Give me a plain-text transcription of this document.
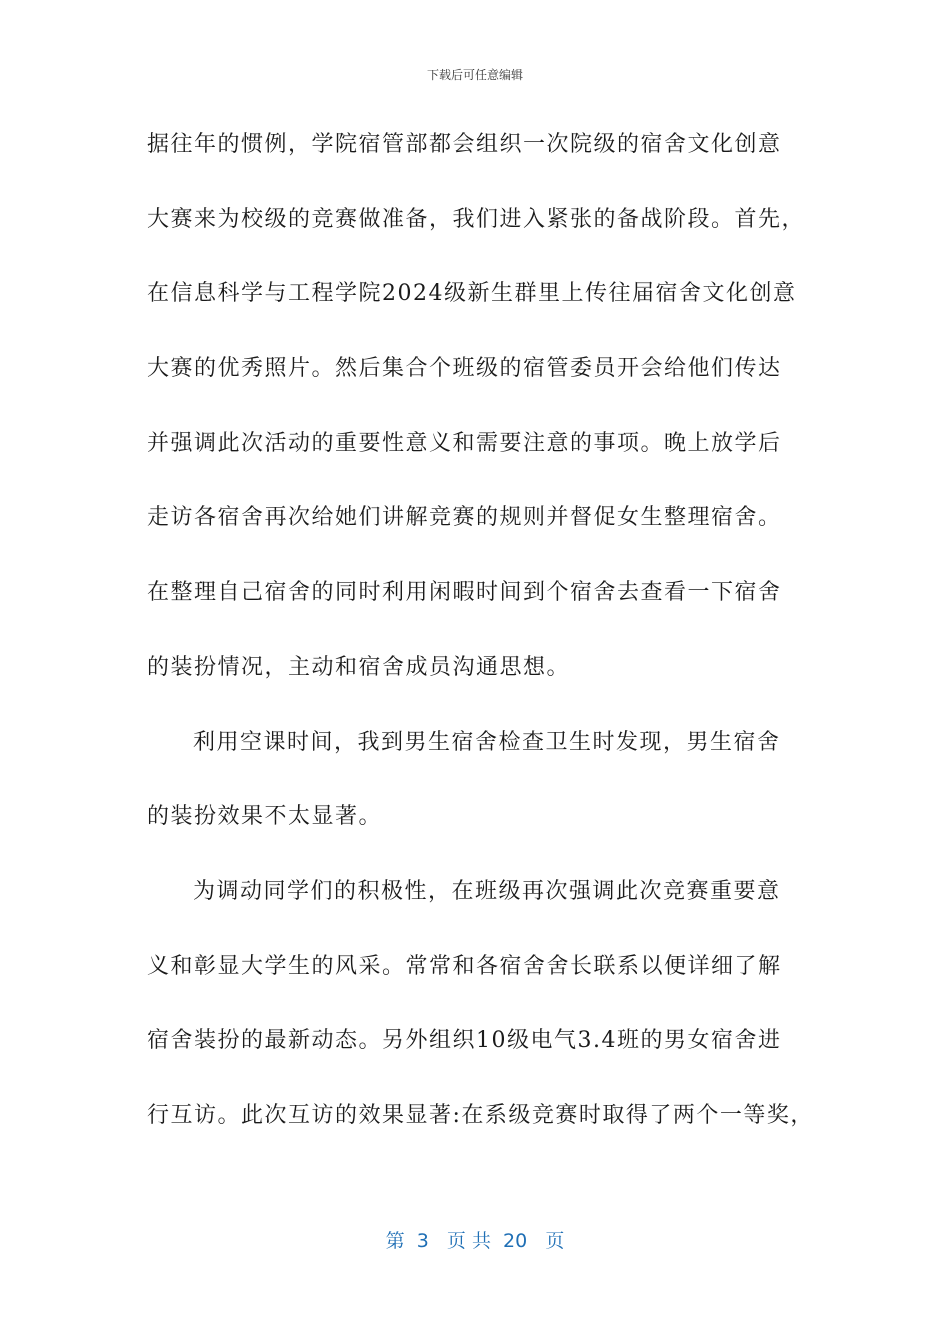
下载后可任意编辑
据往年的惯例，学院宿管部都会组织一次院级的宿舍文化创意
大赛来为校级的竞赛做准备，我们进入紧张的备战阶段。首先，
在信息科学与工程学院2024级新生群里上传往届宿舍文化创意
大赛的优秀照片。然后集合个班级的宿管委员开会给他们传达
并强调此次活动的重要性意义和需要注意的事项。晚上放学后
走访各宿舍再次给她们讲解竞赛的规则并督促女生整理宿舍。
在整理自己宿舍的同时利用闲暇时间到个宿舍去查看一下宿舍
的装扮情况，主动和宿舍成员沟通思想。
利用空课时间，我到男生宿舍检查卫生时发现，男生宿舍
的装扮效果不太显著。
为调动同学们的积极性，在班级再次强调此次竞赛重要意
义和彰显大学生的风采。常常和各宿舍舍长联系以便详细了解
宿舍装扮的最新动态。另外组织10级电气3.4班的男女宿舍进
行互访。此次互访的效果显著:在系级竞赛时取得了两个一等奖，
第  3   页 共  20   页
